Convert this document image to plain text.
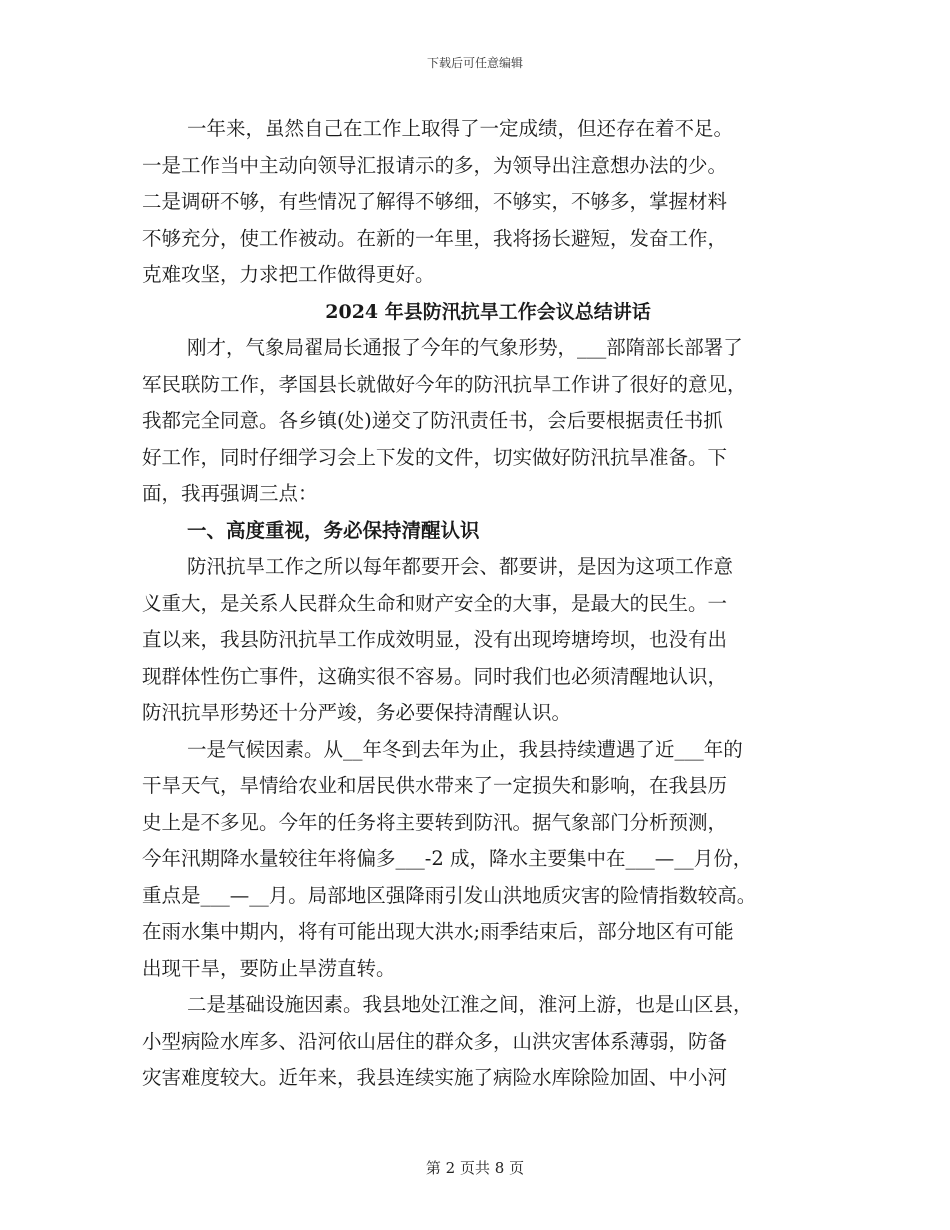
下载后可任意编辑
一年来，虽然自己在工作上取得了一定成绩，但还存在着不足。
一是工作当中主动向领导汇报请示的多，为领导出注意想办法的少。
二是调研不够，有些情况了解得不够细，不够实，不够多，掌握材料
不够充分，使工作被动。在新的一年里，我将扬长避短，发奋工作，
克难攻坚，力求把工作做得更好。
2024 年县防汛抗旱工作会议总结讲话
刚才，气象局翟局长通报了今年的气象形势，___部隋部长部署了
军民联防工作，孝国县长就做好今年的防汛抗旱工作讲了很好的意见，
我都完全同意。各乡镇(处)递交了防汛责任书，会后要根据责任书抓
好工作，同时仔细学习会上下发的文件，切实做好防汛抗旱准备。下
面，我再强调三点：
一、高度重视，务必保持清醒认识
防汛抗旱工作之所以每年都要开会、都要讲，是因为这项工作意
义重大，是关系人民群众生命和财产安全的大事，是最大的民生。一
直以来，我县防汛抗旱工作成效明显，没有出现垮塘垮坝，也没有出
现群体性伤亡事件，这确实很不容易。同时我们也必须清醒地认识，
防汛抗旱形势还十分严竣，务必要保持清醒认识。
一是气候因素。从__年冬到去年为止，我县持续遭遇了近___年的
干旱天气，旱情给农业和居民供水带来了一定损失和影响，在我县历
史上是不多见。今年的任务将主要转到防汛。据气象部门分析预测，
今年汛期降水量较往年将偏多___-2 成，降水主要集中在___—__月份，
重点是___—__月。局部地区强降雨引发山洪地质灾害的险情指数较高。
在雨水集中期内，将有可能出现大洪水;雨季结束后，部分地区有可能
出现干旱，要防止旱涝直转。
二是基础设施因素。我县地处江淮之间，淮河上游，也是山区县，
小型病险水库多、沿河依山居住的群众多，山洪灾害体系薄弱，防备
灾害难度较大。近年来，我县连续实施了病险水库除险加固、中小河
第 2 页共 8 页
